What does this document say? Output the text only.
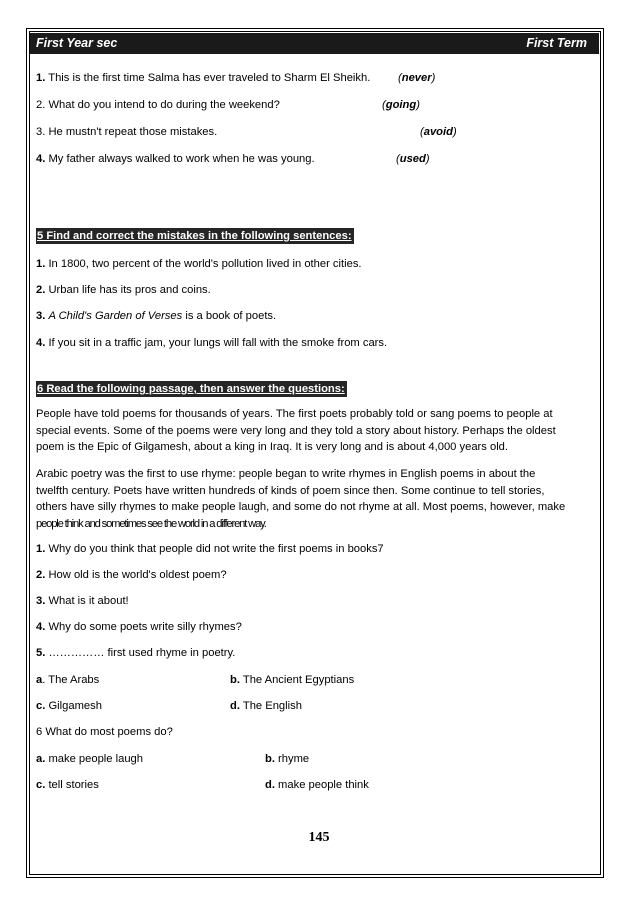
First Year sec	First Term
1. This is the first time Salma has ever traveled to Sharm El Sheikh. (never)
2. What do you intend to do during the weekend?	(going)
3. He mustn't repeat those mistakes.	(avoid)
4. My father always walked to work when he was young.	(used)
5 Find and correct the mistakes in the following sentences:
1. In 1800, two percent of the world's pollution lived in other cities.
2. Urban life has its pros and coins.
3. A Child's Garden of Verses is a book of poets.
4. If you sit in a traffic jam, your lungs will fall with the smoke from cars.
6 Read the following passage, then answer the questions:
People have told poems for thousands of years. The first poets probably told or sang poems to people at
special events. Some of the poems were very long and they told a story about history. Perhaps the oldest
poem is the Epic of Gilgamesh, about a king in Iraq. It is very long and is about 4,000 years old.
Arabic poetry was the first to use rhyme: people began to write rhymes in English poems in about the
twelfth century. Poets have written hundreds of kinds of poem since then. Some continue to tell stories,
others have silly rhymes to make people laugh, and some do not rhyme at all. Most poems, however, make
people think and sometimes see the world in a different way.
1. Why do you think that people did not write the first poems in books7
2. How old is the world's oldest poem?
3. What is it about!
4. Why do some poets write silly rhymes?
5. …………… first used rhyme in poetry.
a. The Arabs	b. The Ancient Egyptians
c. Gilgamesh	d. The English
6 What do most poems do?
a. make people laugh	b. rhyme
c. tell stories	d. make people think
145
